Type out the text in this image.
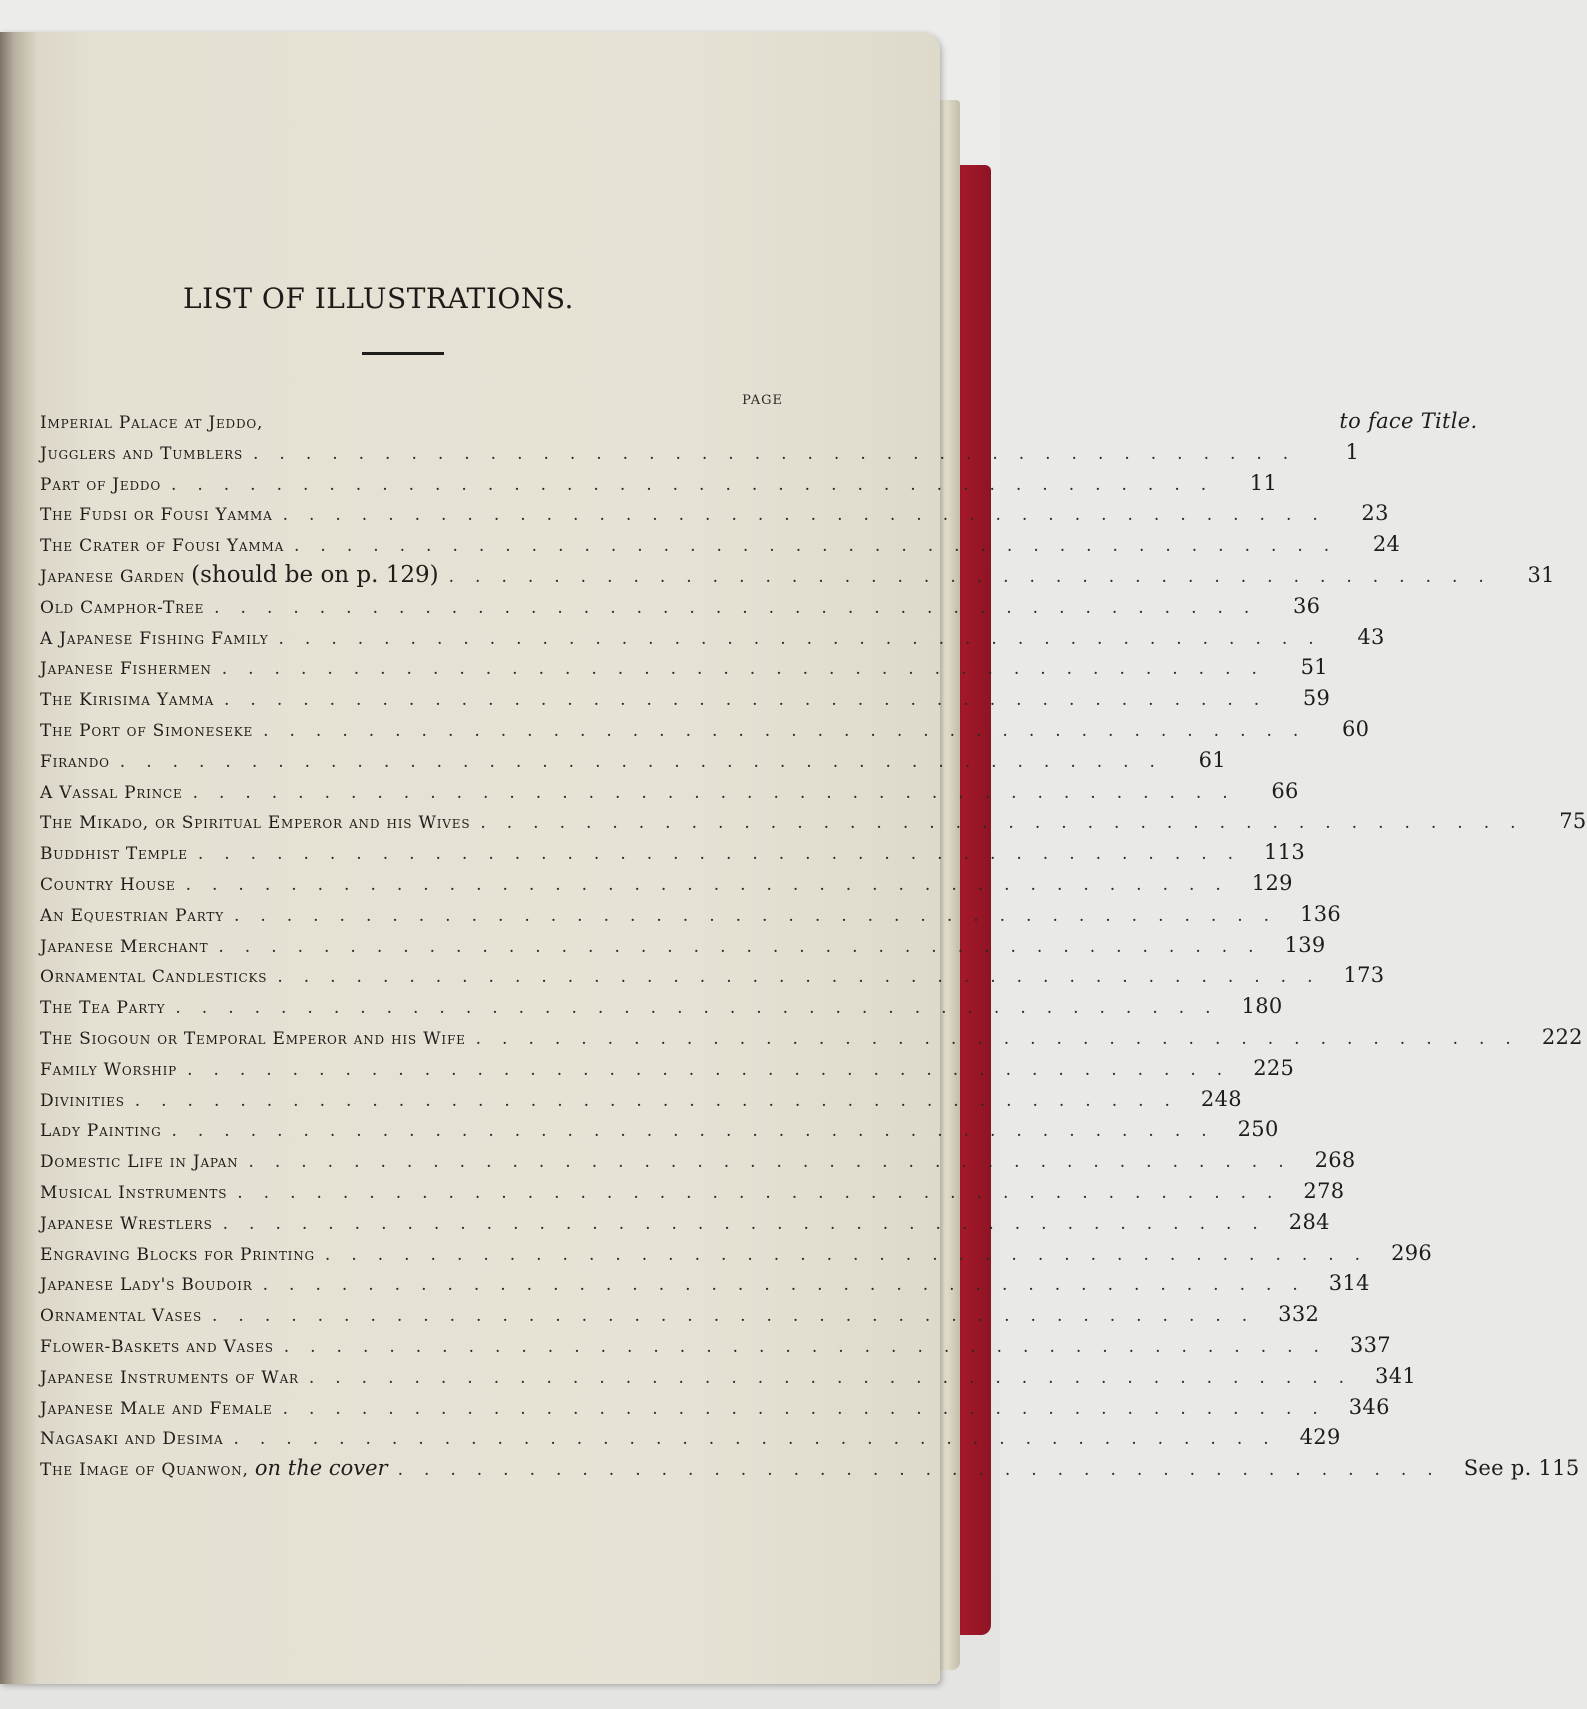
LIST OF ILLUSTRATIONS.
PAGE
Imperial Palace at Jeddo,	to face Title.
Jugglers and Tumblers ........................................	1
Part of Jeddo ........................................	11
The Fudsi or Fousi Yamma ........................................	23
The Crater of Fousi Yamma ........................................	24
Japanese Garden (should be on p. 129) ........................................	31
Old Camphor-Tree ........................................	36
A Japanese Fishing Family ........................................	43
Japanese Fishermen ........................................	51
The Kirisima Yamma ........................................	59
The Port of Simoneseke ........................................	60
Firando ........................................	61
A Vassal Prince ........................................	66
The Mikado, or Spiritual Emperor and his Wives ........................................	75
Buddhist Temple ........................................ 113
Country House ........................................ 129
An Equestrian Party ........................................ 136
Japanese Merchant ........................................ 139
Ornamental Candlesticks ........................................ 173
The Tea Party ........................................ 180
The Siogoun or Temporal Emperor and his Wife ........................................ 222
Family Worship ........................................ 225
Divinities ........................................ 248
Lady Painting ........................................ 250
Domestic Life in Japan ........................................ 268
Musical Instruments ........................................ 278
Japanese Wrestlers ........................................ 284
Engraving Blocks for Printing ........................................ 296
Japanese Lady's Boudoir ........................................ 314
Ornamental Vases ........................................ 332
Flower-Baskets and Vases ........................................ 337
Japanese Instruments of War ........................................ 341
Japanese Male and Female ........................................ 346
Nagasaki and Desima ........................................ 429
The Image of Quanwon, on the cover ........................................ See p. 115
